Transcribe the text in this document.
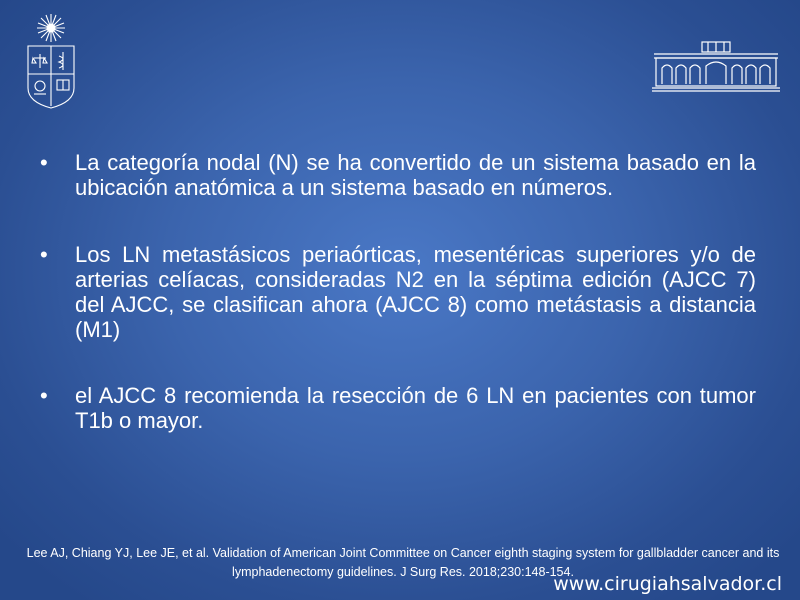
• La categoría nodal (N) se ha convertido de un sistema basado en la ubicación anatómica a un sistema basado en números.
• Los LN metastásicos periaórticas, mesentéricas superiores y/o de arterias celíacas, consideradas N2 en la séptima edición (AJCC 7) del AJCC, se clasifican ahora (AJCC 8) como metástasis a distancia (M1)
• el AJCC 8 recomienda la resección de 6 LN en pacientes con tumor T1b o mayor.

Lee AJ, Chiang YJ, Lee JE, et al. Validation of American Joint Committee on Cancer eighth staging system for gallbladder cancer and its lymphadenectomy guidelines. J Surg Res. 2018;230:148-154.

www.cirugiahsalvador.cl
